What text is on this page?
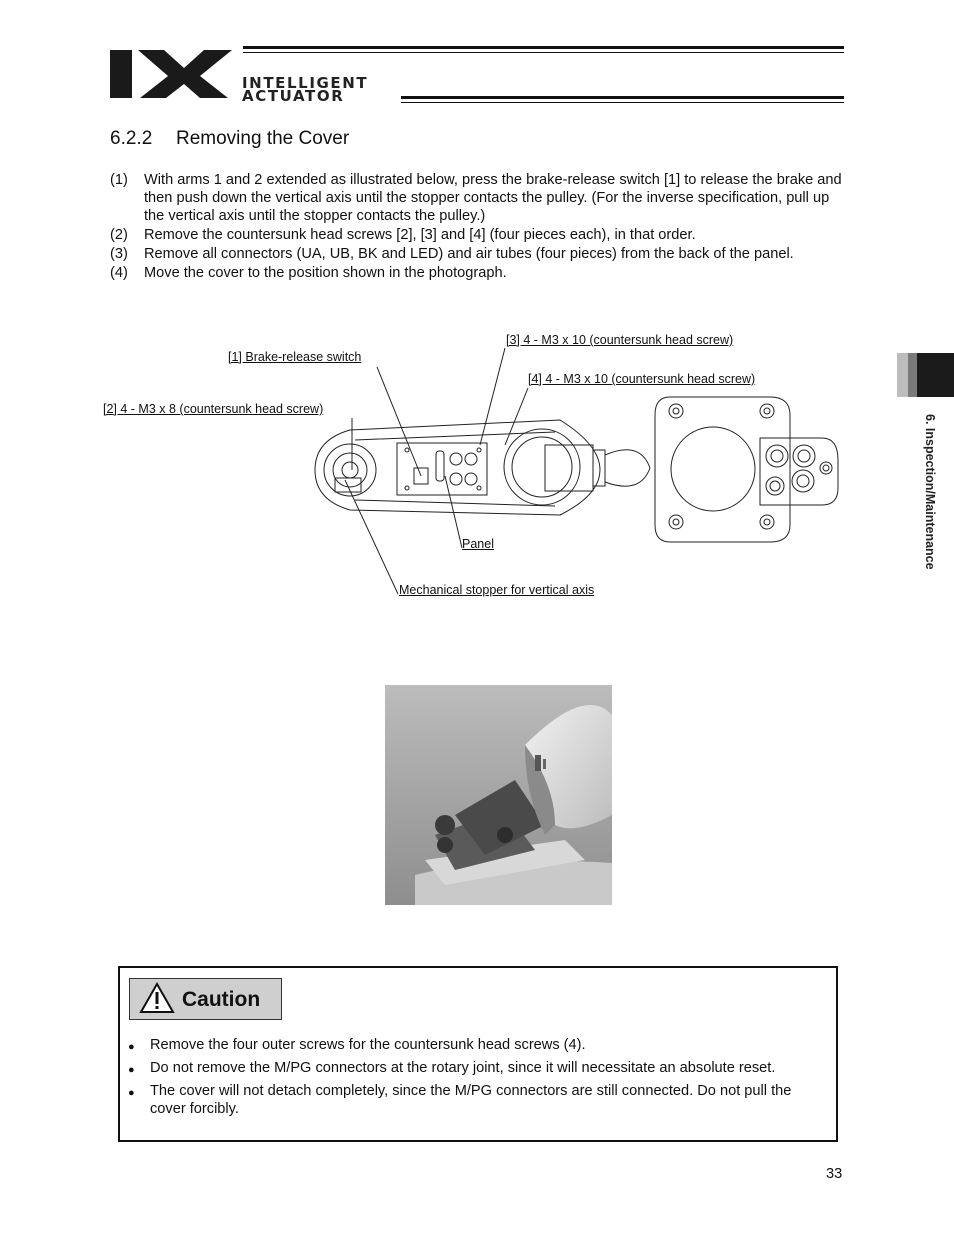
INTELLIGENT
ACTUATOR
6.2.2 Removing the Cover
(1)	With arms 1 and 2 extended as illustrated below, press the brake-release switch [1] to release the brake and then push down the vertical axis until the stopper contacts the pulley. (For the inverse specification, pull up the vertical axis until the stopper contacts the pulley.)
(2)	Remove the countersunk head screws [2], [3] and [4] (four pieces each), in that order.
(3)	Remove all connectors (UA, UB, BK and LED) and air tubes (four pieces) from the back of the panel.
(4)	Move the cover to the position shown in the photograph.
[1] Brake-release switch
[2] 4 - M3 x 8 (countersunk head screw)
[3] 4 - M3 x 10 (countersunk head screw)
[4] 4 - M3 x 10 (countersunk head screw)
Panel
Mechanical stopper for vertical axis
6. Inspection/Maintenance
Caution
●	Remove the four outer screws for the countersunk head screws (4).
●	Do not remove the M/PG connectors at the rotary joint, since it will necessitate an absolute reset.
●	The cover will not detach completely, since the M/PG connectors are still connected. Do not pull the cover forcibly.
33
